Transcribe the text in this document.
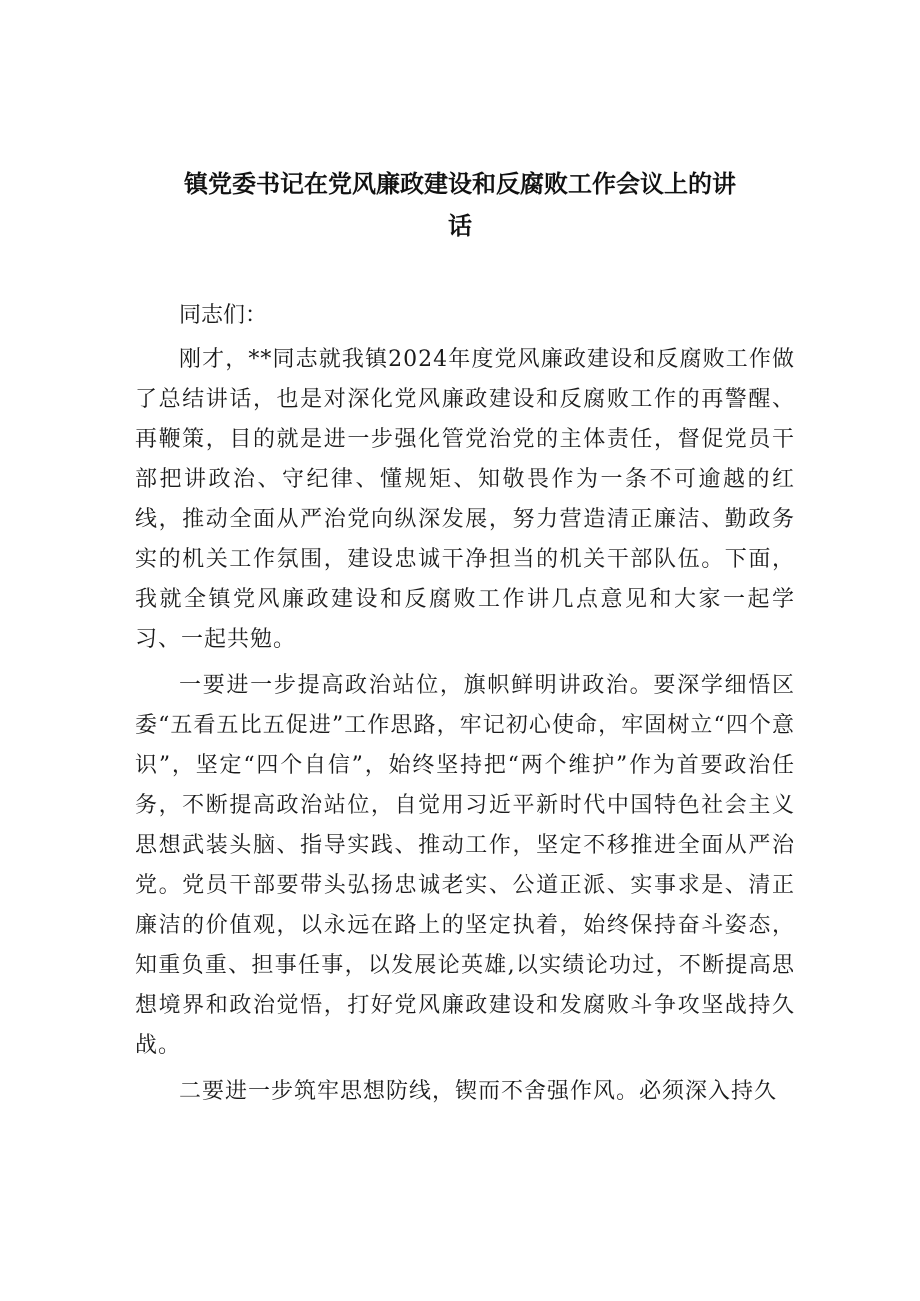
镇党委书记在党风廉政建设和反腐败工作会议上的讲
话

同志们：

刚才，**同志就我镇2024年度党风廉政建设和反腐败工作做了总结讲话，也是对深化党风廉政建设和反腐败工作的再警醒、再鞭策，目的就是进一步强化管党治党的主体责任，督促党员干部把讲政治、守纪律、懂规矩、知敬畏作为一条不可逾越的红线，推动全面从严治党向纵深发展，努力营造清正廉洁、勤政务实的机关工作氛围，建设忠诚干净担当的机关干部队伍。下面，我就全镇党风廉政建设和反腐败工作讲几点意见和大家一起学习、一起共勉。

一要进一步提高政治站位，旗帜鲜明讲政治。要深学细悟区委“五看五比五促进”工作思路，牢记初心使命，牢固树立“四个意识”，坚定“四个自信”，始终坚持把“两个维护”作为首要政治任务，不断提高政治站位，自觉用习近平新时代中国特色社会主义思想武装头脑、指导实践、推动工作，坚定不移推进全面从严治党。党员干部要带头弘扬忠诚老实、公道正派、实事求是、清正廉洁的价值观，以永远在路上的坚定执着，始终保持奋斗姿态，知重负重、担事任事，以发展论英雄,以实绩论功过，不断提高思想境界和政治觉悟，打好党风廉政建设和发腐败斗争攻坚战持久战。

二要进一步筑牢思想防线，锲而不舍强作风。必须深入持久
